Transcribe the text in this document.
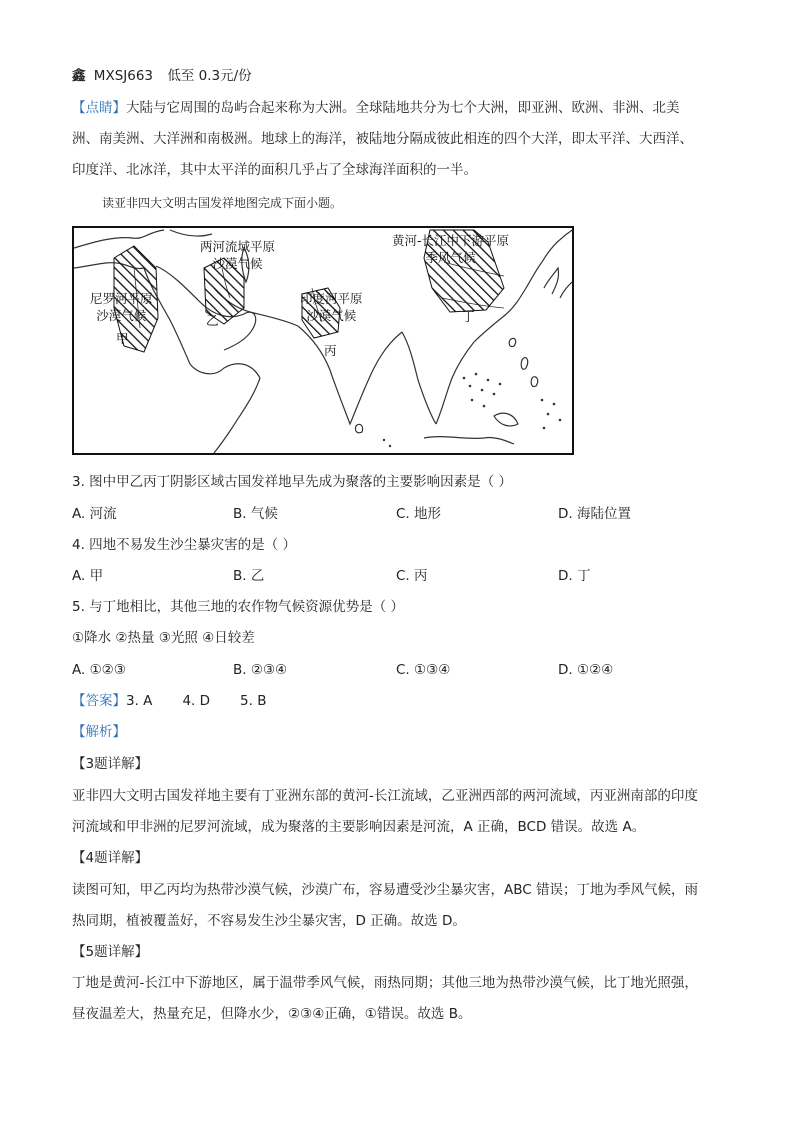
鑫 MXSJ663 低至 0.3元/份
【点睛】大陆与它周围的岛屿合起来称为大洲。全球陆地共分为七个大洲，即亚洲、欧洲、非洲、北美
洲、南美洲、大洋洲和南极洲。地球上的海洋，被陆地分隔成彼此相连的四个大洋，即太平洋、大西洋、
印度洋、北冰洋，其中太平洋的面积几乎占了全球海洋面积的一半。
读亚非四大文明古国发祥地图完成下面小题。
黄河-长江中下游平原
季风气候
丁
两河流域平原
沙漠气候
乙
尼罗河平原
沙漠气候
甲
印度河平原
沙漠气候
丙
3. 图中甲乙丙丁阴影区域古国发祥地早先成为聚落的主要影响因素是（ ）
A. 河流	B. 气候	C. 地形	D. 海陆位置
4. 四地不易发生沙尘暴灾害的是（ ）
A. 甲	B. 乙	C. 丙	D. 丁
5. 与丁地相比，其他三地的农作物气候资源优势是（ ）
①降水 ②热量 ③光照 ④日较差
A. ①②③	B. ②③④	C. ①③④	D. ①②④
【答案】3. A       4. D       5. B
【解析】
【3题详解】
亚非四大文明古国发祥地主要有丁亚洲东部的黄河-长江流域，乙亚洲西部的两河流域，丙亚洲南部的印度
河流域和甲非洲的尼罗河流域，成为聚落的主要影响因素是河流，A 正确，BCD 错误。故选 A。
【4题详解】
读图可知，甲乙丙均为热带沙漠气候，沙漠广布，容易遭受沙尘暴灾害，ABC 错误；丁地为季风气候，雨
热同期，植被覆盖好，不容易发生沙尘暴灾害，D 正确。故选 D。
【5题详解】
丁地是黄河-长江中下游地区，属于温带季风气候，雨热同期；其他三地为热带沙漠气候，比丁地光照强，
昼夜温差大，热量充足，但降水少，②③④正确，①错误。故选 B。
